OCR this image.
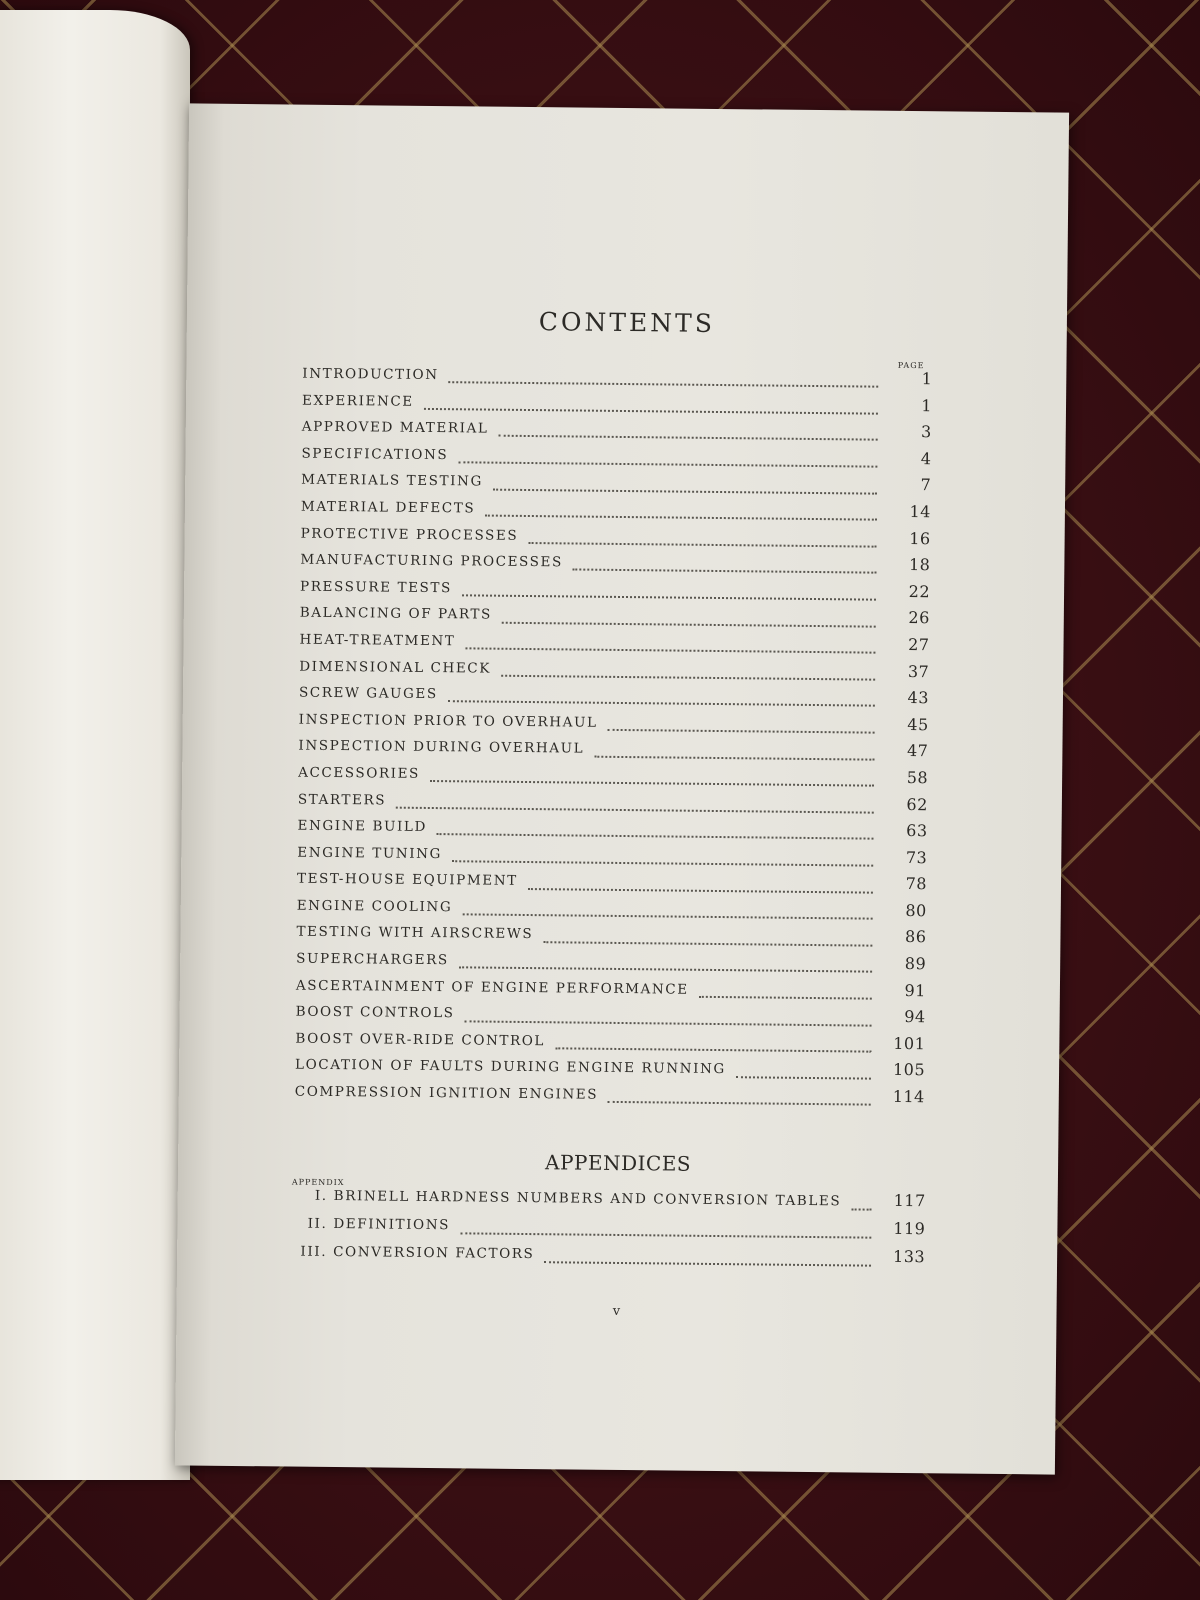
CONTENTS
PAGE
INTRODUCTION	1
EXPERIENCE	1
APPROVED MATERIAL	3
SPECIFICATIONS	4
MATERIALS TESTING	7
MATERIAL DEFECTS	14
PROTECTIVE PROCESSES	16
MANUFACTURING PROCESSES	18
PRESSURE TESTS	22
BALANCING OF PARTS	26
HEAT-TREATMENT	27
DIMENSIONAL CHECK	37
SCREW GAUGES	43
INSPECTION PRIOR TO OVERHAUL	45
INSPECTION DURING OVERHAUL	47
ACCESSORIES	58
STARTERS	62
ENGINE BUILD	63
ENGINE TUNING	73
TEST-HOUSE EQUIPMENT	78
ENGINE COOLING	80
TESTING WITH AIRSCREWS	86
SUPERCHARGERS	89
ASCERTAINMENT OF ENGINE PERFORMANCE	91
BOOST CONTROLS	94
BOOST OVER-RIDE CONTROL	101
LOCATION OF FAULTS DURING ENGINE RUNNING	105
COMPRESSION IGNITION ENGINES	114
APPENDICES
APPENDIX
I. BRINELL HARDNESS NUMBERS AND CONVERSION TABLES	117
II. DEFINITIONS	119
III. CONVERSION FACTORS	133
v
